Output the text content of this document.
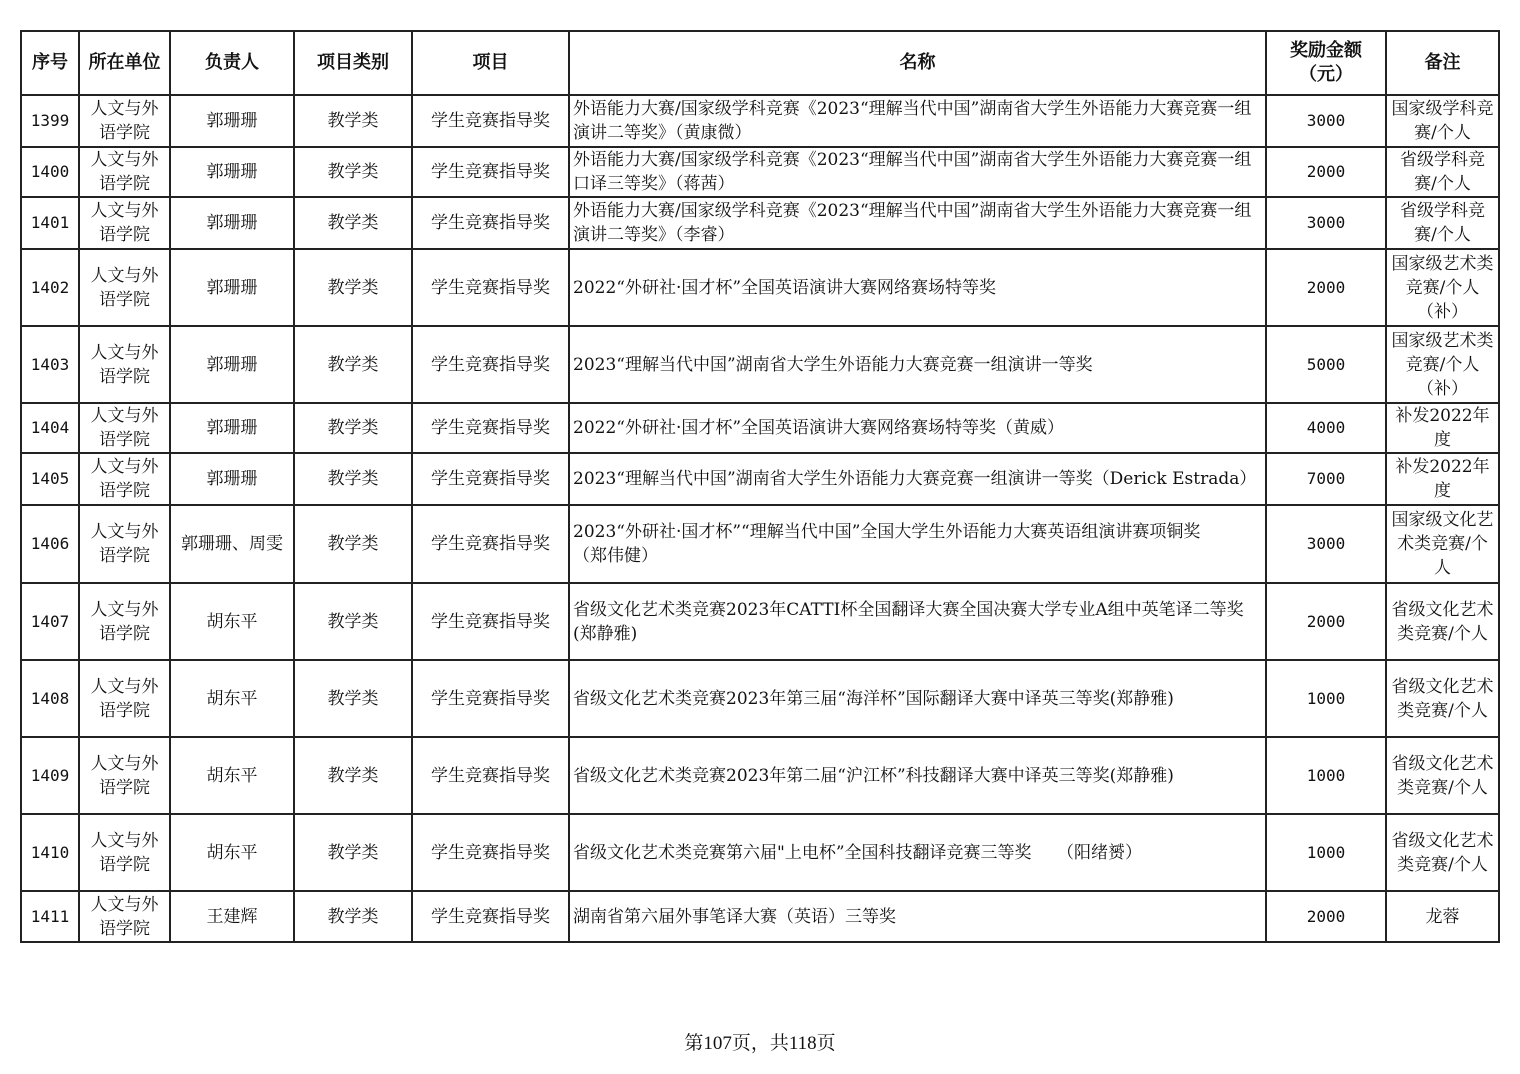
序号	所在单位	负责人	项目类别	项目	名称	奖励金额（元）	备注
1399	人文与外语学院	郭珊珊	教学类	学生竞赛指导奖	外语能力大赛/国家级学科竞赛《2023“理解当代中国”湖南省大学生外语能力大赛竞赛一组演讲二等奖》（黄康微）	3000	国家级学科竞赛/个人
1400	人文与外语学院	郭珊珊	教学类	学生竞赛指导奖	外语能力大赛/国家级学科竞赛《2023“理解当代中国”湖南省大学生外语能力大赛竞赛一组口译三等奖》（蒋茜）	2000	省级学科竞赛/个人
1401	人文与外语学院	郭珊珊	教学类	学生竞赛指导奖	外语能力大赛/国家级学科竞赛《2023“理解当代中国”湖南省大学生外语能力大赛竞赛一组演讲二等奖》（李睿）	3000	省级学科竞赛/个人
1402	人文与外语学院	郭珊珊	教学类	学生竞赛指导奖	2022“外研社·国才杯”全国英语演讲大赛网络赛场特等奖	2000	国家级艺术类竞赛/个人（补）
1403	人文与外语学院	郭珊珊	教学类	学生竞赛指导奖	2023“理解当代中国”湖南省大学生外语能力大赛竞赛一组演讲一等奖	5000	国家级艺术类竞赛/个人（补）
1404	人文与外语学院	郭珊珊	教学类	学生竞赛指导奖	2022“外研社·国才杯”全国英语演讲大赛网络赛场特等奖（黄威）	4000	补发2022年度
1405	人文与外语学院	郭珊珊	教学类	学生竞赛指导奖	2023“理解当代中国”湖南省大学生外语能力大赛竞赛一组演讲一等奖（Derick Estrada）	7000	补发2022年度
1406	人文与外语学院	郭珊珊、周雯	教学类	学生竞赛指导奖	2023“外研社·国才杯”“理解当代中国”全国大学生外语能力大赛英语组演讲赛项铜奖　　　（郑伟健）	3000	国家级文化艺术类竞赛/个人
1407	人文与外语学院	胡东平	教学类	学生竞赛指导奖	省级文化艺术类竞赛2023年CATTI杯全国翻译大赛全国决赛大学专业A组中英笔译二等奖(郑静雅)	2000	省级文化艺术类竞赛/个人
1408	人文与外语学院	胡东平	教学类	学生竞赛指导奖	省级文化艺术类竞赛2023年第三届“海洋杯”国际翻译大赛中译英三等奖(郑静雅)	1000	省级文化艺术类竞赛/个人
1409	人文与外语学院	胡东平	教学类	学生竞赛指导奖	省级文化艺术类竞赛2023年第二届“沪江杯”科技翻译大赛中译英三等奖(郑静雅)	1000	省级文化艺术类竞赛/个人
1410	人文与外语学院	胡东平	教学类	学生竞赛指导奖	省级文化艺术类竞赛第六届"上电杯”全国科技翻译竞赛三等奖　　（阳绪赟）	1000	省级文化艺术类竞赛/个人
1411	人文与外语学院	王建辉	教学类	学生竞赛指导奖	湖南省第六届外事笔译大赛（英语）三等奖	2000	龙蓉
第107页，共118页
